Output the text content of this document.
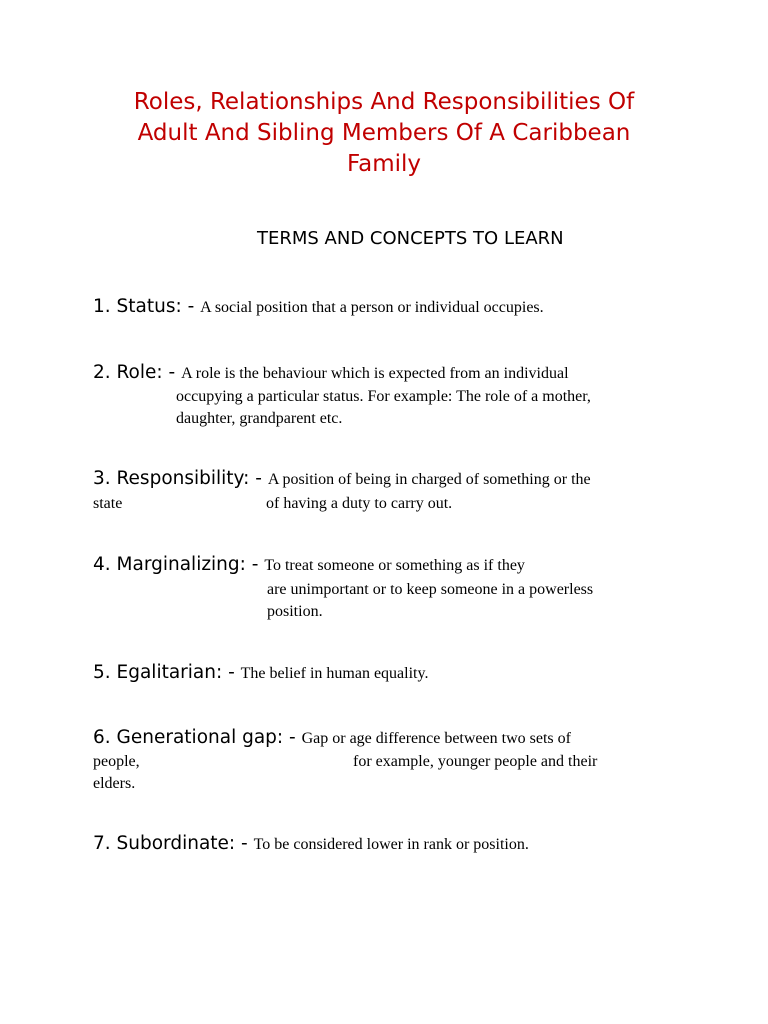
Roles, Relationships And Responsibilities Of
Adult And Sibling Members Of A Caribbean
Family
TERMS AND CONCEPTS TO LEARN
1. Status: - A social position that a person or individual occupies.
2. Role: - A role is the behaviour which is expected from an individual
occupying a particular status. For example: The role of a mother,
daughter, grandparent etc.
3. Responsibility: - A position of being in charged of something or the
state	of having a duty to carry out.
4. Marginalizing: - To treat someone or something as if they
are unimportant or to keep someone in a powerless
position.
5. Egalitarian: - The belief in human equality.
6. Generational gap: - Gap or age difference between two sets of
people,	for example, younger people and their
elders.
7. Subordinate: - To be considered lower in rank or position.
